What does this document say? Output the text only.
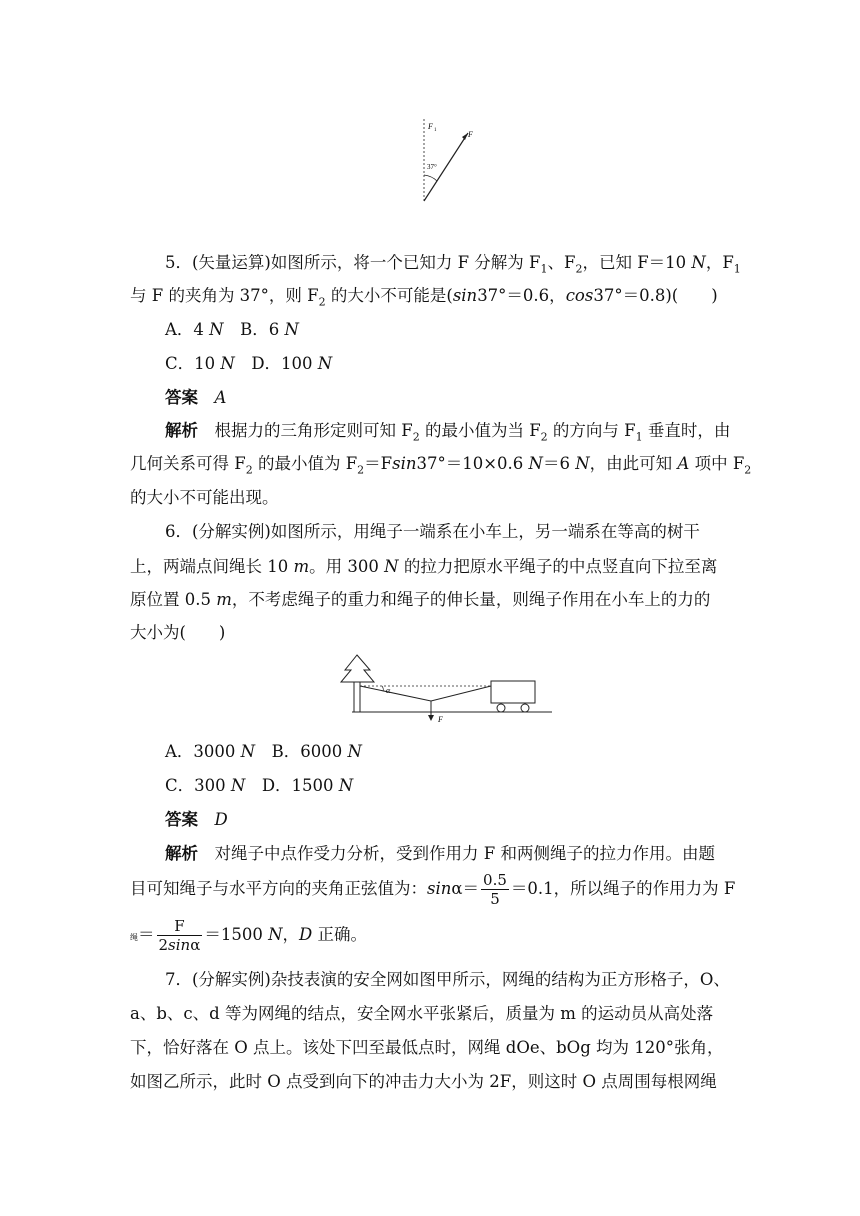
F 1	F
37°
5．(矢量运算)如图所示，将一个已知力 F 分解为 $F_1$、$F_2$，已知 F＝10 N，$F_1$
与 F 的夹角为 37°，则 $F_2$ 的大小不可能是(sin37°＝0.6，cos37°＝0.8)(　　)
A．4 N　B．6 N
C．10 N　D．100 N
答案　 A
解析　根据力的三角形定则可知 $F_2$ 的最小值为当 $F_2$ 的方向与 $F_1$ 垂直时，由
几何关系可得 $F_2$ 的最小值为 $F_2=Fsin37^\circ=10\times 0.6$ N＝6 N，由此可知 A 项中 $F_2$
的大小不可能出现。
6．(分解实例)如图所示，用绳子一端系在小车上，另一端系在等高的树干
上，两端点间绳长 10 m。用 300 N 的拉力把原水平绳子的中点竖直向下拉至离
原位置 0.5 m，不考虑绳子的重力和绳子的伸长量，则绳子作用在小车上的力的
大小为(　　)
α
F
A．3000 N　B．6000 N
C．300 N　D．1500 N
答案　 D
解析　对绳子中点作受力分析，受到作用力 F 和两侧绳子的拉力作用。由题
目可知绳子与水平方向的夹角正弦值为：$\sin\alpha= \frac{0.5}{5} =0.1$，所以绳子的作用力为 F
绳＝ $\frac{F}{2\sin\alpha} =1500$ N，D 正确。
7．(分解实例)杂技表演的安全网如图甲所示，网绳的结构为正方形格子，O、
a、b、c、d 等为网绳的结点，安全网水平张紧后，质量为 m 的运动员从高处落
下，恰好落在 O 点上。该处下凹至最低点时，网绳 dOe、bOg 均为 120°张角，
如图乙所示，此时 O 点受到向下的冲击力大小为 2F，则这时 O 点周围每根网绳
